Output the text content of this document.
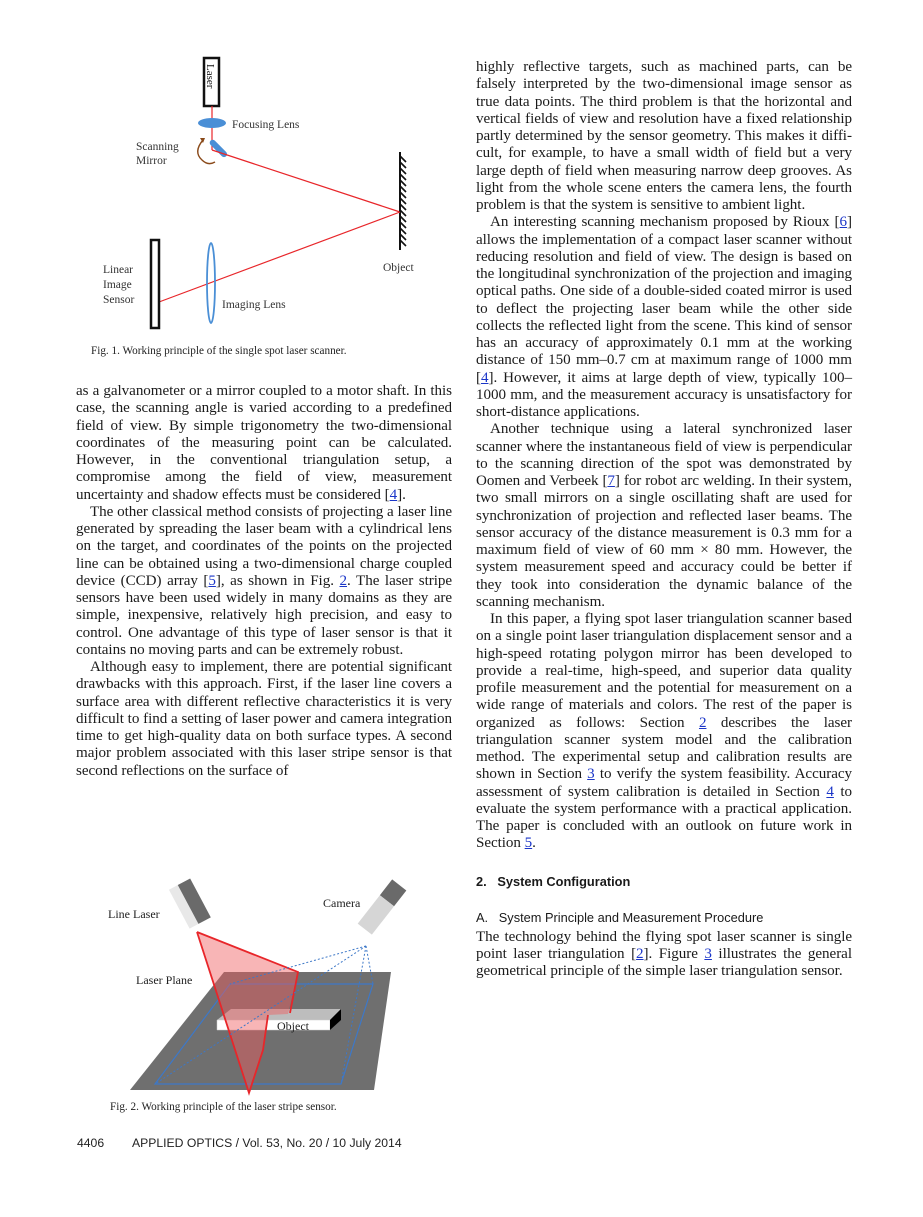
Laser
Focusing Lens
Scanning
Mirror
Object
Imaging Lens
Linear
Image
Sensor
Fig. 1. Working principle of the single spot laser scanner.
Object
Line Laser
Camera
Laser Plane
Fig. 2. Working principle of the laser stripe sensor.

as a galvanometer or a mirror coupled to a motor shaft. In this case, the scanning angle is varied according to a predefined field of view. By simple trigonometry the two-dimensional coordinates of the measuring point can be calculated. However, in the conventional triangulation setup, a compromise among the field of view, measurement uncertainty and shadow effects must be considered [4].

The other classical method consists of projecting a laser line generated by spreading the laser beam with a cylindrical lens on the target, and coordinates of the points on the projected line can be obtained using a two-dimensional charge coupled device (CCD) array [5], as shown in Fig. 2. The laser stripe sensors have been used widely in many domains as they are simple, inexpensive, relatively high precision, and easy to control. One advantage of this type of laser sensor is that it contains no moving parts and can be extremely robust.

Although easy to implement, there are potential significant drawbacks with this approach. First, if the laser line covers a surface area with different reflective characteristics it is very difficult to find a setting of laser power and camera integration time to get high-quality data on both surface types. A second major problem associated with this laser stripe sensor is that second reflections on the surface of

highly reflective targets, such as machined parts, can be falsely interpreted by the two-dimensional image sensor as true data points. The third problem is that the horizontal and vertical fields of view and resolution have a fixed relationship partly determined by the sensor geometry. This makes it difficult, for example, to have a small width of field but a very large depth of field when measuring narrow deep grooves. As light from the whole scene enters the camera lens, the fourth problem is that the system is sensitive to ambient light.

An interesting scanning mechanism proposed by Rioux [6] allows the implementation of a compact laser scanner without reducing resolution and field of view. The design is based on the longitudinal synchronization of the projection and imaging optical paths. One side of a double-sided coated mirror is used to deflect the projecting laser beam while the other side collects the reflected light from the scene. This kind of sensor has an accuracy of approximately 0.1 mm at the working distance of 150 mm–0.7 cm at maximum range of 1000 mm [4]. However, it aims at large depth of view, typically 100–1000 mm, and the measurement accuracy is unsatisfactory for short-distance applications.

Another technique using a lateral synchronized laser scanner where the instantaneous field of view is perpendicular to the scanning direction of the spot was demonstrated by Oomen and Verbeek [7] for robot arc welding. In their system, two small mirrors on a single oscillating shaft are used for synchronization of projection and reflected laser beams. The sensor accuracy of the distance measurement is 0.3 mm for a maximum field of view of 60 mm × 80 mm. However, the system measurement speed and accuracy could be better if they took into consideration the dynamic balance of the scanning mechanism.

In this paper, a flying spot laser triangulation scanner based on a single point laser triangulation displacement sensor and a high-speed rotating polygon mirror has been developed to provide a real-time, high-speed, and superior data quality profile measurement and the potential for measurement on a wide range of materials and colors. The rest of the paper is organized as follows: Section 2 describes the laser triangulation scanner system model and the calibration method. The experimental setup and calibration results are shown in Section 3 to verify the system feasibility. Accuracy assessment of system calibration is detailed in Section 4 to evaluate the system performance with a practical application. The paper is concluded with an outlook on future work in Section 5.

2.   System Configuration
A.   System Principle and Measurement Procedure

The technology behind the flying spot laser scanner is single point laser triangulation [2]. Figure 3 illustrates the general geometrical principle of the simple laser triangulation sensor.

4406 APPLIED OPTICS / Vol. 53, No. 20 / 10 July 2014
